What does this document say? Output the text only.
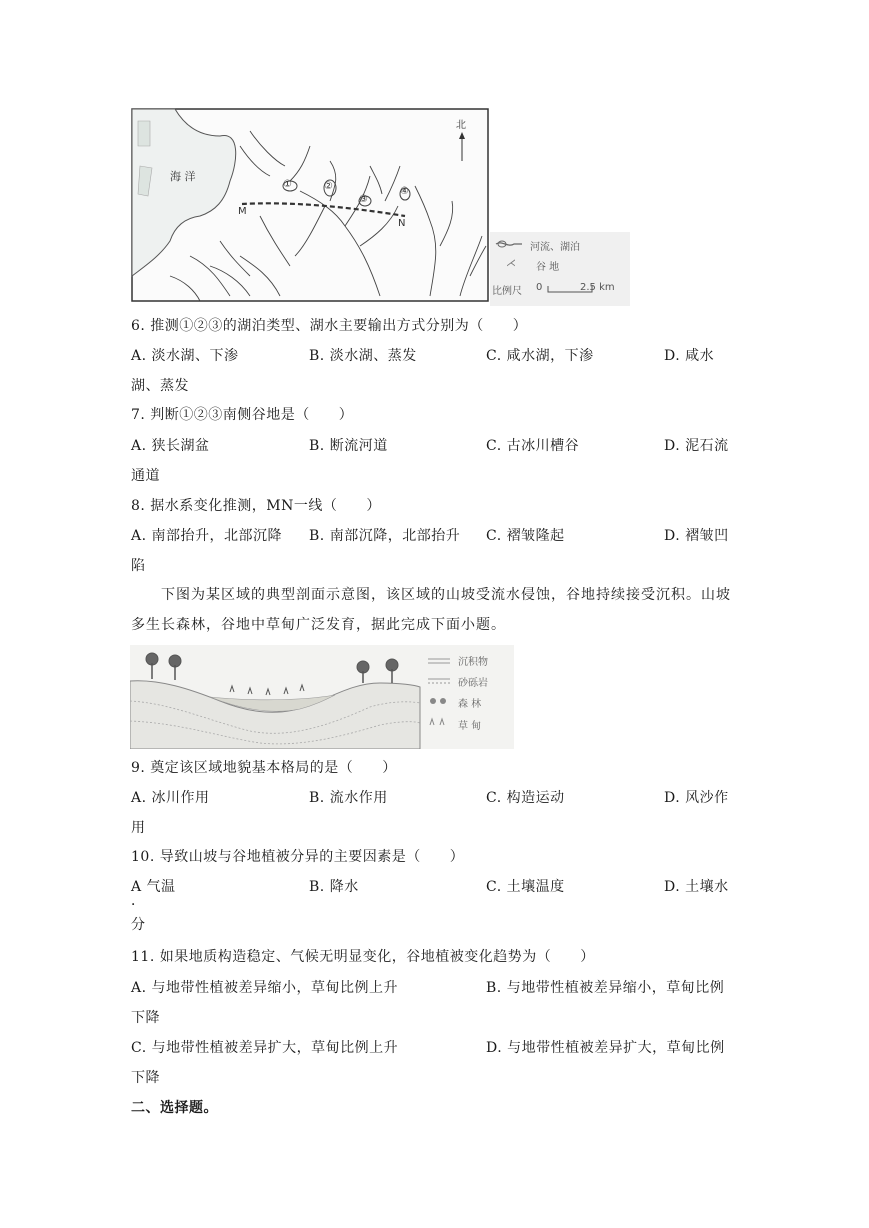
海 洋
北
M
N
①	②
③
④
河流、湖泊
⋌ 谷 地
比例尺 0	2.5 km
6. 推测①②③的湖泊类型、湖水主要输出方式分别为（　　）
A. 淡水湖、下渗	B. 淡水湖、蒸发	C. 咸水湖，下渗	D. 咸水
湖、蒸发
7. 判断①②③南侧谷地是（　　）
A. 狭长湖盆	B. 断流河道	C. 古冰川槽谷	D. 泥石流
通道
8. 据水系变化推测，MN一线（　　）
A. 南部抬升，北部沉降 B. 南部沉降，北部抬升 C. 褶皱隆起	D. 褶皱凹
陷
下图为某区域的典型剖面示意图，该区域的山坡受流水侵蚀，谷地持续接受沉积。山坡多生长森林，谷地中草甸广泛发育，据此完成下面小题。
沉积物
砂砾岩
森 林
草 甸
9. 奠定该区域地貌基本格局的是（　　）
A. 冰川作用	B. 流水作用	C. 构造运动	D. 风沙作
用
10. 导致山坡与谷地植被分异的主要因素是（　　）
A 气温
．
B. 降水	C. 土壤温度	D. 土壤水
分
11. 如果地质构造稳定、气候无明显变化，谷地植被变化趋势为（　　）
A. 与地带性植被差异缩小，草甸比例上升	B. 与地带性植被差异缩小，草甸比例
下降
C. 与地带性植被差异扩大，草甸比例上升	D. 与地带性植被差异扩大，草甸比例
下降
二、选择题。
